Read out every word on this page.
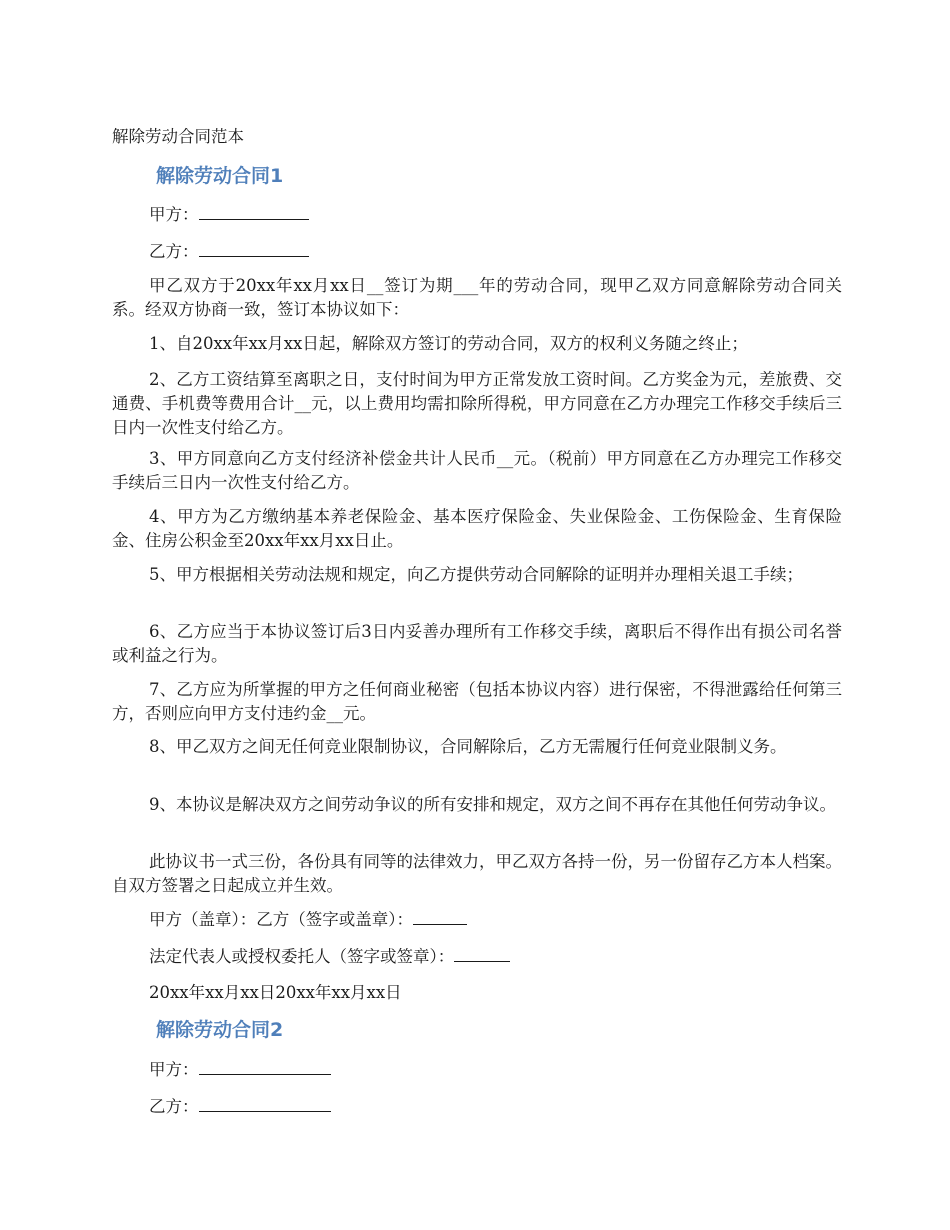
解除劳动合同范本

解除劳动合同1

甲方：

乙方：

甲乙双方于20xx年xx月xx日__签订为期___年的劳动合同，现甲乙双方同意解除劳动合同关系。经双方协商一致，签订本协议如下：

1、自20xx年xx月xx日起，解除双方签订的劳动合同，双方的权利义务随之终止；

2、乙方工资结算至离职之日，支付时间为甲方正常发放工资时间。乙方奖金为元，差旅费、交通费、手机费等费用合计__元，以上费用均需扣除所得税，甲方同意在乙方办理完工作移交手续后三日内一次性支付给乙方。

3、甲方同意向乙方支付经济补偿金共计人民币__元。（税前）甲方同意在乙方办理完工作移交手续后三日内一次性支付给乙方。

4、甲方为乙方缴纳基本养老保险金、基本医疗保险金、失业保险金、工伤保险金、生育保险金、住房公积金至20xx年xx月xx日止。

5、甲方根据相关劳动法规和规定，向乙方提供劳动合同解除的证明并办理相关退工手续；

6、乙方应当于本协议签订后3日内妥善办理所有工作移交手续，离职后不得作出有损公司名誉或利益之行为。

7、乙方应为所掌握的甲方之任何商业秘密（包括本协议内容）进行保密，不得泄露给任何第三方，否则应向甲方支付违约金__元。

8、甲乙双方之间无任何竞业限制协议，合同解除后，乙方无需履行任何竞业限制义务。

9、本协议是解决双方之间劳动争议的所有安排和规定，双方之间不再存在其他任何劳动争议。

此协议书一式三份，各份具有同等的法律效力，甲乙双方各持一份，另一份留存乙方本人档案。自双方签署之日起成立并生效。

甲方（盖章）：乙方（签字或盖章）：

法定代表人或授权委托人（签字或签章）：

20xx年xx月xx日20xx年xx月xx日

解除劳动合同2

甲方：

乙方：
